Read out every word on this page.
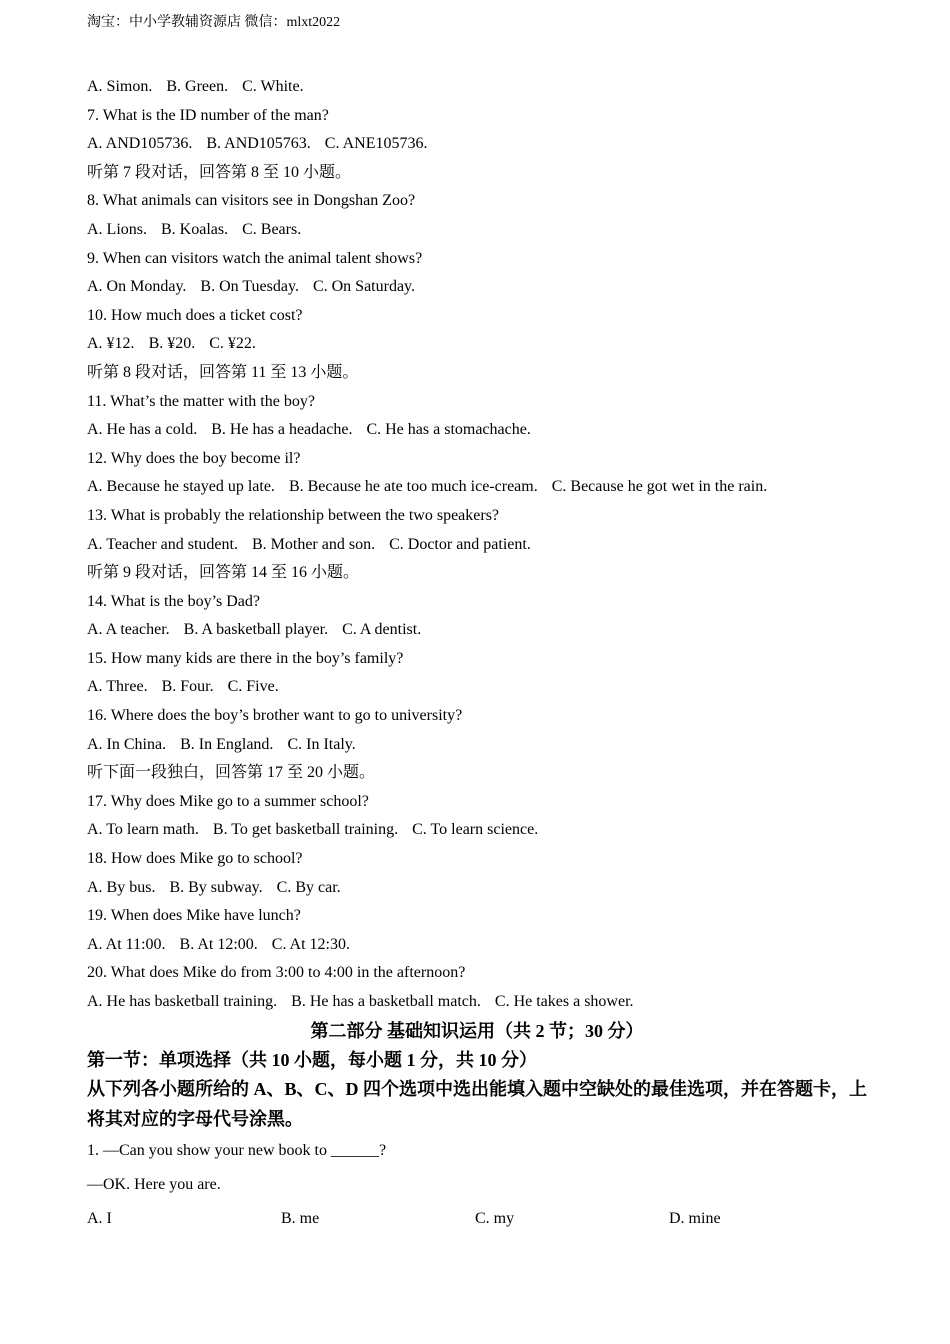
淘宝：中小学教辅资源店 微信：mlxt2022
A. Simon. B. Green. C. White.
7. What is the ID number of the man?
A. AND105736. B. AND105763. C. ANE105736.
听第 7 段对话，回答第 8 至 10 小题。
8. What animals can visitors see in Dongshan Zoo?
A. Lions. B. Koalas. C. Bears.
9. When can visitors watch the animal talent shows?
A. On Monday. B. On Tuesday. C. On Saturday.
10. How much does a ticket cost?
A. ¥12. B. ¥20. C. ¥22.
听第 8 段对话，回答第 11 至 13 小题。
11. What’s the matter with the boy?
A. He has a cold. B. He has a headache. C. He has a stomachache.
12. Why does the boy become il?
A. Because he stayed up late. B. Because he ate too much ice-cream. C. Because he got wet in the rain.
13. What is probably the relationship between the two speakers?
A. Teacher and student. B. Mother and son. C. Doctor and patient.
听第 9 段对话，回答第 14 至 16 小题。
14. What is the boy’s Dad?
A. A teacher. B. A basketball player. C. A dentist.
15. How many kids are there in the boy’s family?
A. Three. B. Four. C. Five.
16. Where does the boy’s brother want to go to university?
A. In China. B. In England. C. In Italy.
听下面一段独白，回答第 17 至 20 小题。
17. Why does Mike go to a summer school?
A. To learn math. B. To get basketball training. C. To learn science.
18. How does Mike go to school?
A. By bus. B. By subway. C. By car.
19. When does Mike have lunch?
A. At 11:00. B. At 12:00. C. At 12:30.
20. What does Mike do from 3:00 to 4:00 in the afternoon?
A. He has basketball training. B. He has a basketball match. C. He takes a shower.
第二部分 基础知识运用（共 2 节；30 分）
第一节：单项选择（共 10 小题，每小题 1 分，共 10 分）
从下列各小题所给的 A、B、C、D 四个选项中选出能填入题中空缺处的最佳选项，并在答题卡，上将其对应的字母代号涂黑。
1. —Can you show your new book to ______?
—OK. Here you are.
A. I	B. me	C. my	D. mine
